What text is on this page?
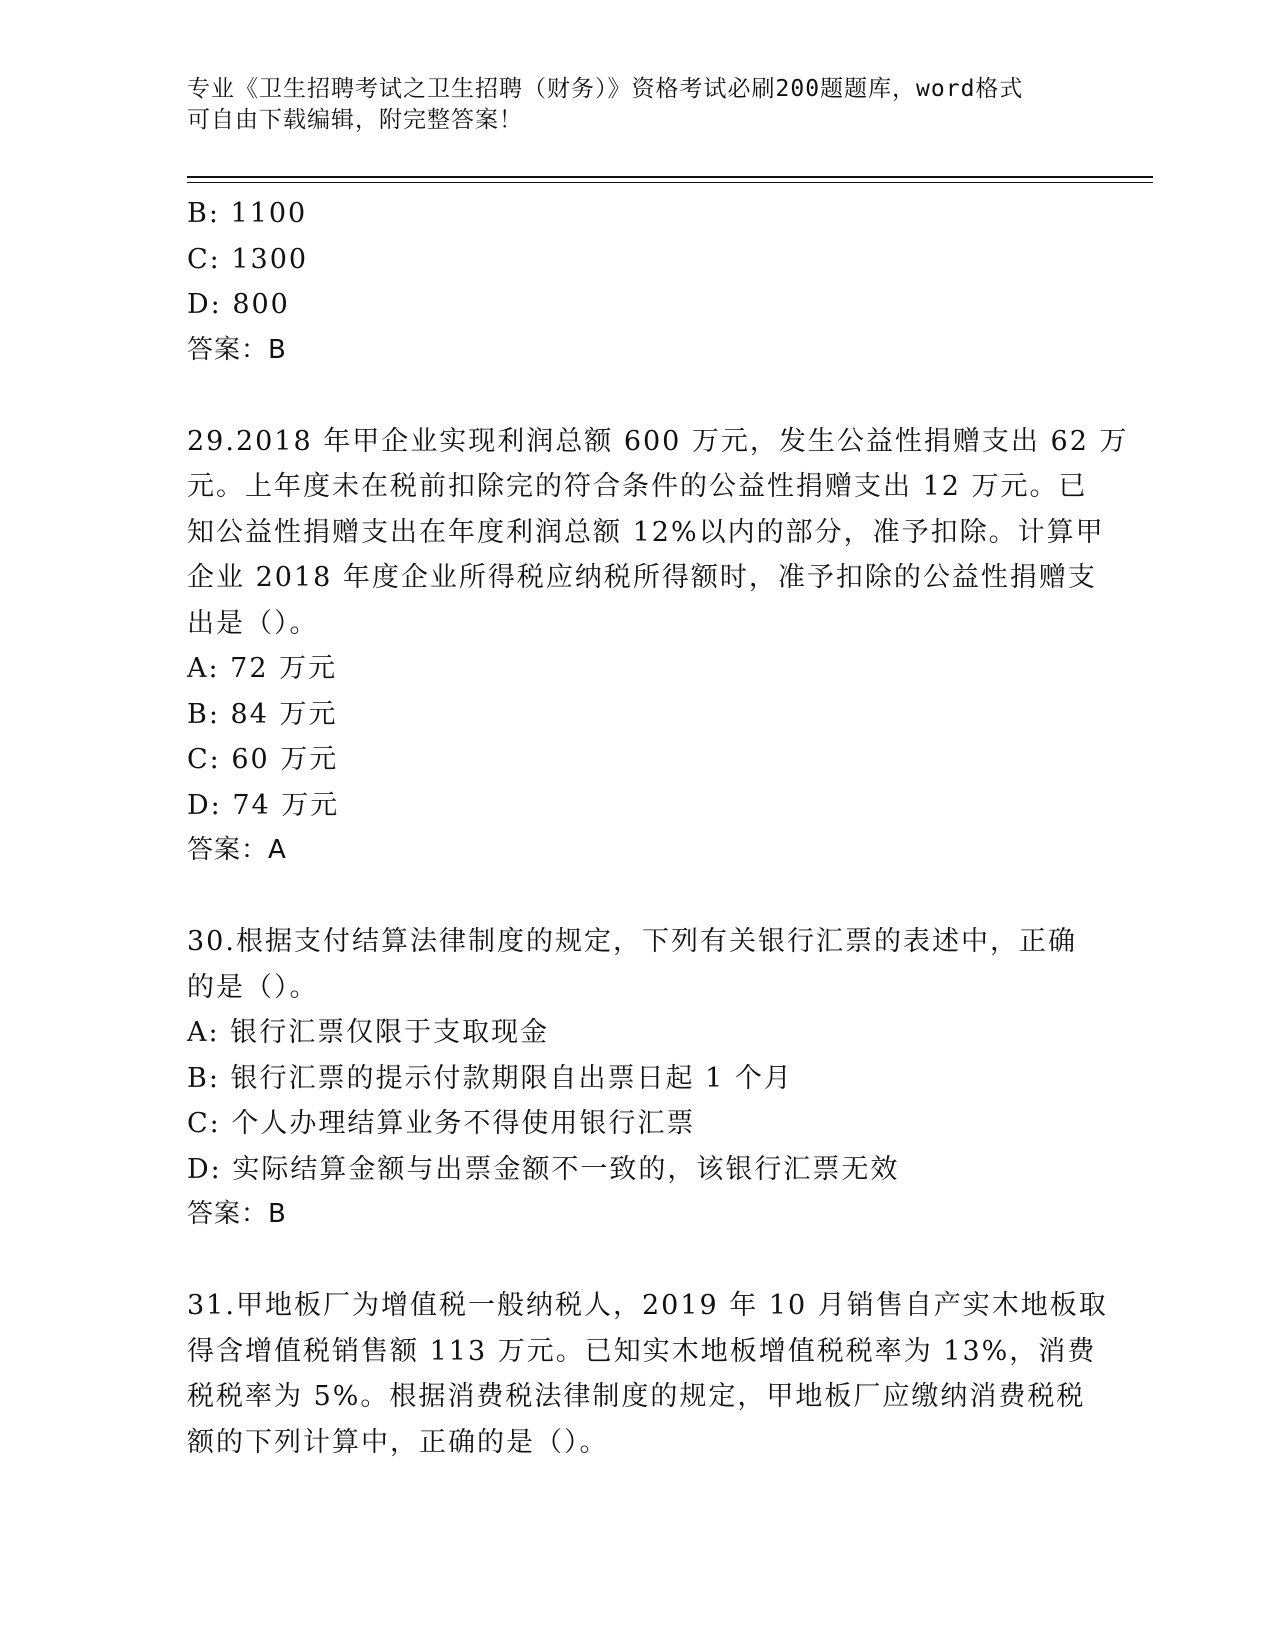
专业《卫生招聘考试之卫生招聘（财务）》资格考试必刷200题题库，word格式
可自由下载编辑，附完整答案！
B: 1100
C: 1300
D: 800
答案：B
29.2018 年甲企业实现利润总额 600 万元，发生公益性捐赠支出 62 万
元。上年度未在税前扣除完的符合条件的公益性捐赠支出 12 万元。已
知公益性捐赠支出在年度利润总额 12%以内的部分，准予扣除。计算甲
企业 2018 年度企业所得税应纳税所得额时，准予扣除的公益性捐赠支
出是（）。
A: 72 万元
B: 84 万元
C: 60 万元
D: 74 万元
答案：A
30.根据支付结算法律制度的规定，下列有关银行汇票的表述中，正确
的是（）。
A: 银行汇票仅限于支取现金
B: 银行汇票的提示付款期限自出票日起 1 个月
C: 个人办理结算业务不得使用银行汇票
D: 实际结算金额与出票金额不一致的，该银行汇票无效
答案：B
31.甲地板厂为增值税一般纳税人，2019 年 10 月销售自产实木地板取
得含增值税销售额 113 万元。已知实木地板增值税税率为 13%，消费
税税率为 5%。根据消费税法律制度的规定，甲地板厂应缴纳消费税税
额的下列计算中，正确的是（）。
